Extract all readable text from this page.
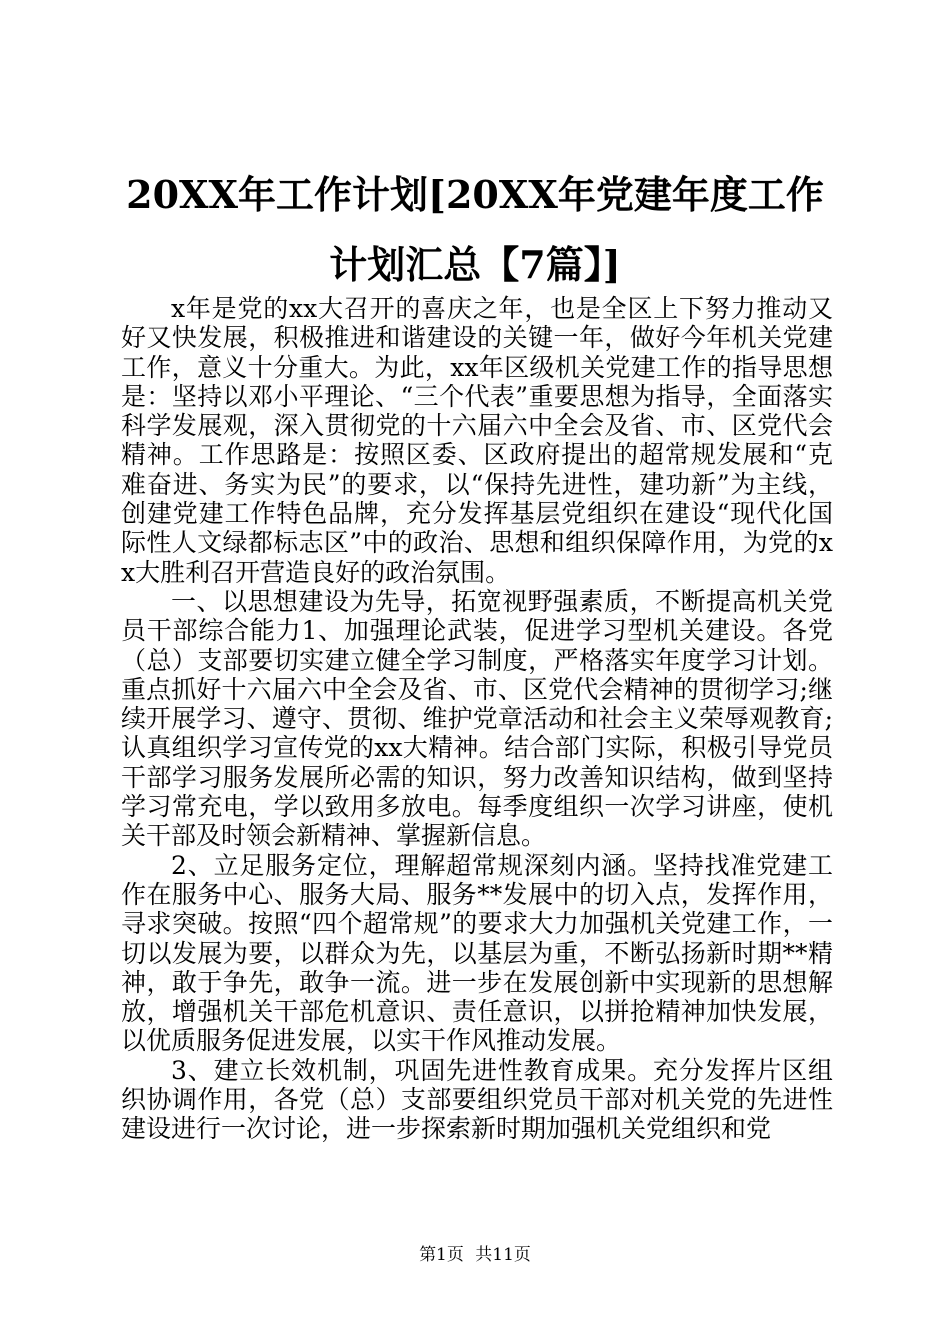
20XX年工作计划[20XX年党建年度工作计划汇总【7篇】]

x年是党的xx大召开的喜庆之年，也是全区上下努力推动又好又快发展，积极推进和谐建设的关键一年，做好今年机关党建工作，意义十分重大。为此，xx年区级机关党建工作的指导思想是：坚持以邓小平理论、“三个代表”重要思想为指导，全面落实科学发展观，深入贯彻党的十六届六中全会及省、市、区党代会精神。工作思路是：按照区委、区政府提出的超常规发展和“克难奋进、务实为民”的要求，以“保持先进性，建功新”为主线，创建党建工作特色品牌，充分发挥基层党组织在建设“现代化国际性人文绿都标志区”中的政治、思想和组织保障作用，为党的xx大胜利召开营造良好的政治氛围。

一、以思想建设为先导，拓宽视野强素质，不断提高机关党员干部综合能力1、加强理论武装，促进学习型机关建设。各党（总）支部要切实建立健全学习制度，严格落实年度学习计划。重点抓好十六届六中全会及省、市、区党代会精神的贯彻学习;继续开展学习、遵守、贯彻、维护党章活动和社会主义荣辱观教育;认真组织学习宣传党的xx大精神。结合部门实际，积极引导党员干部学习服务发展所必需的知识，努力改善知识结构，做到坚持学习常充电，学以致用多放电。每季度组织一次学习讲座，使机关干部及时领会新精神、掌握新信息。

2、立足服务定位，理解超常规深刻内涵。坚持找准党建工作在服务中心、服务大局、服务**发展中的切入点，发挥作用，寻求突破。按照“四个超常规”的要求大力加强机关党建工作，一切以发展为要，以群众为先，以基层为重，不断弘扬新时期**精神，敢于争先，敢争一流。进一步在发展创新中实现新的思想解放，增强机关干部危机意识、责任意识，以拼抢精神加快发展，以优质服务促进发展，以实干作风推动发展。

3、建立长效机制，巩固先进性教育成果。充分发挥片区组织协调作用，各党（总）支部要组织党员干部对机关党的先进性建设进行一次讨论，进一步探索新时期加强机关党组织和党

第1页 共11页
